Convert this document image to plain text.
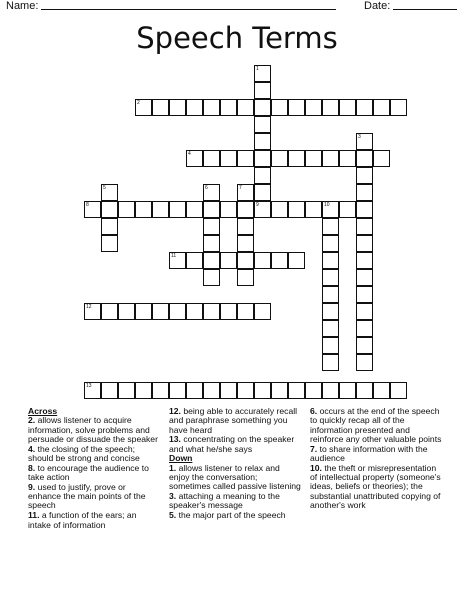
Name:	Date:
Speech Terms
1
2
3
4
5	6	7
8	9	10
11
12
13
Across
2. allows listener to acquire information, solve problems and persuade or dissuade the speaker
4. the closing of the speech; should be strong and concise
8. to encourage the audience to take action
9. used to justify, prove or enhance the main points of the speech
11. a function of the ears; an intake of information
12. being able to accurately recall and paraphrase something you have heard
13. concentrating on the speaker and what he/she says
Down
1. allows listener to relax and enjoy the conversation; sometimes called passive listening
3. attaching a meaning to the speaker's message
5. the major part of the speech
6. occurs at the end of the speech to quickly recap all of the information presented and reinforce any other valuable points
7. to share information with the audience
10. the theft or misrepresentation of intellectual property (someone's ideas, beliefs or theories); the substantial unattributed copying of another's work
